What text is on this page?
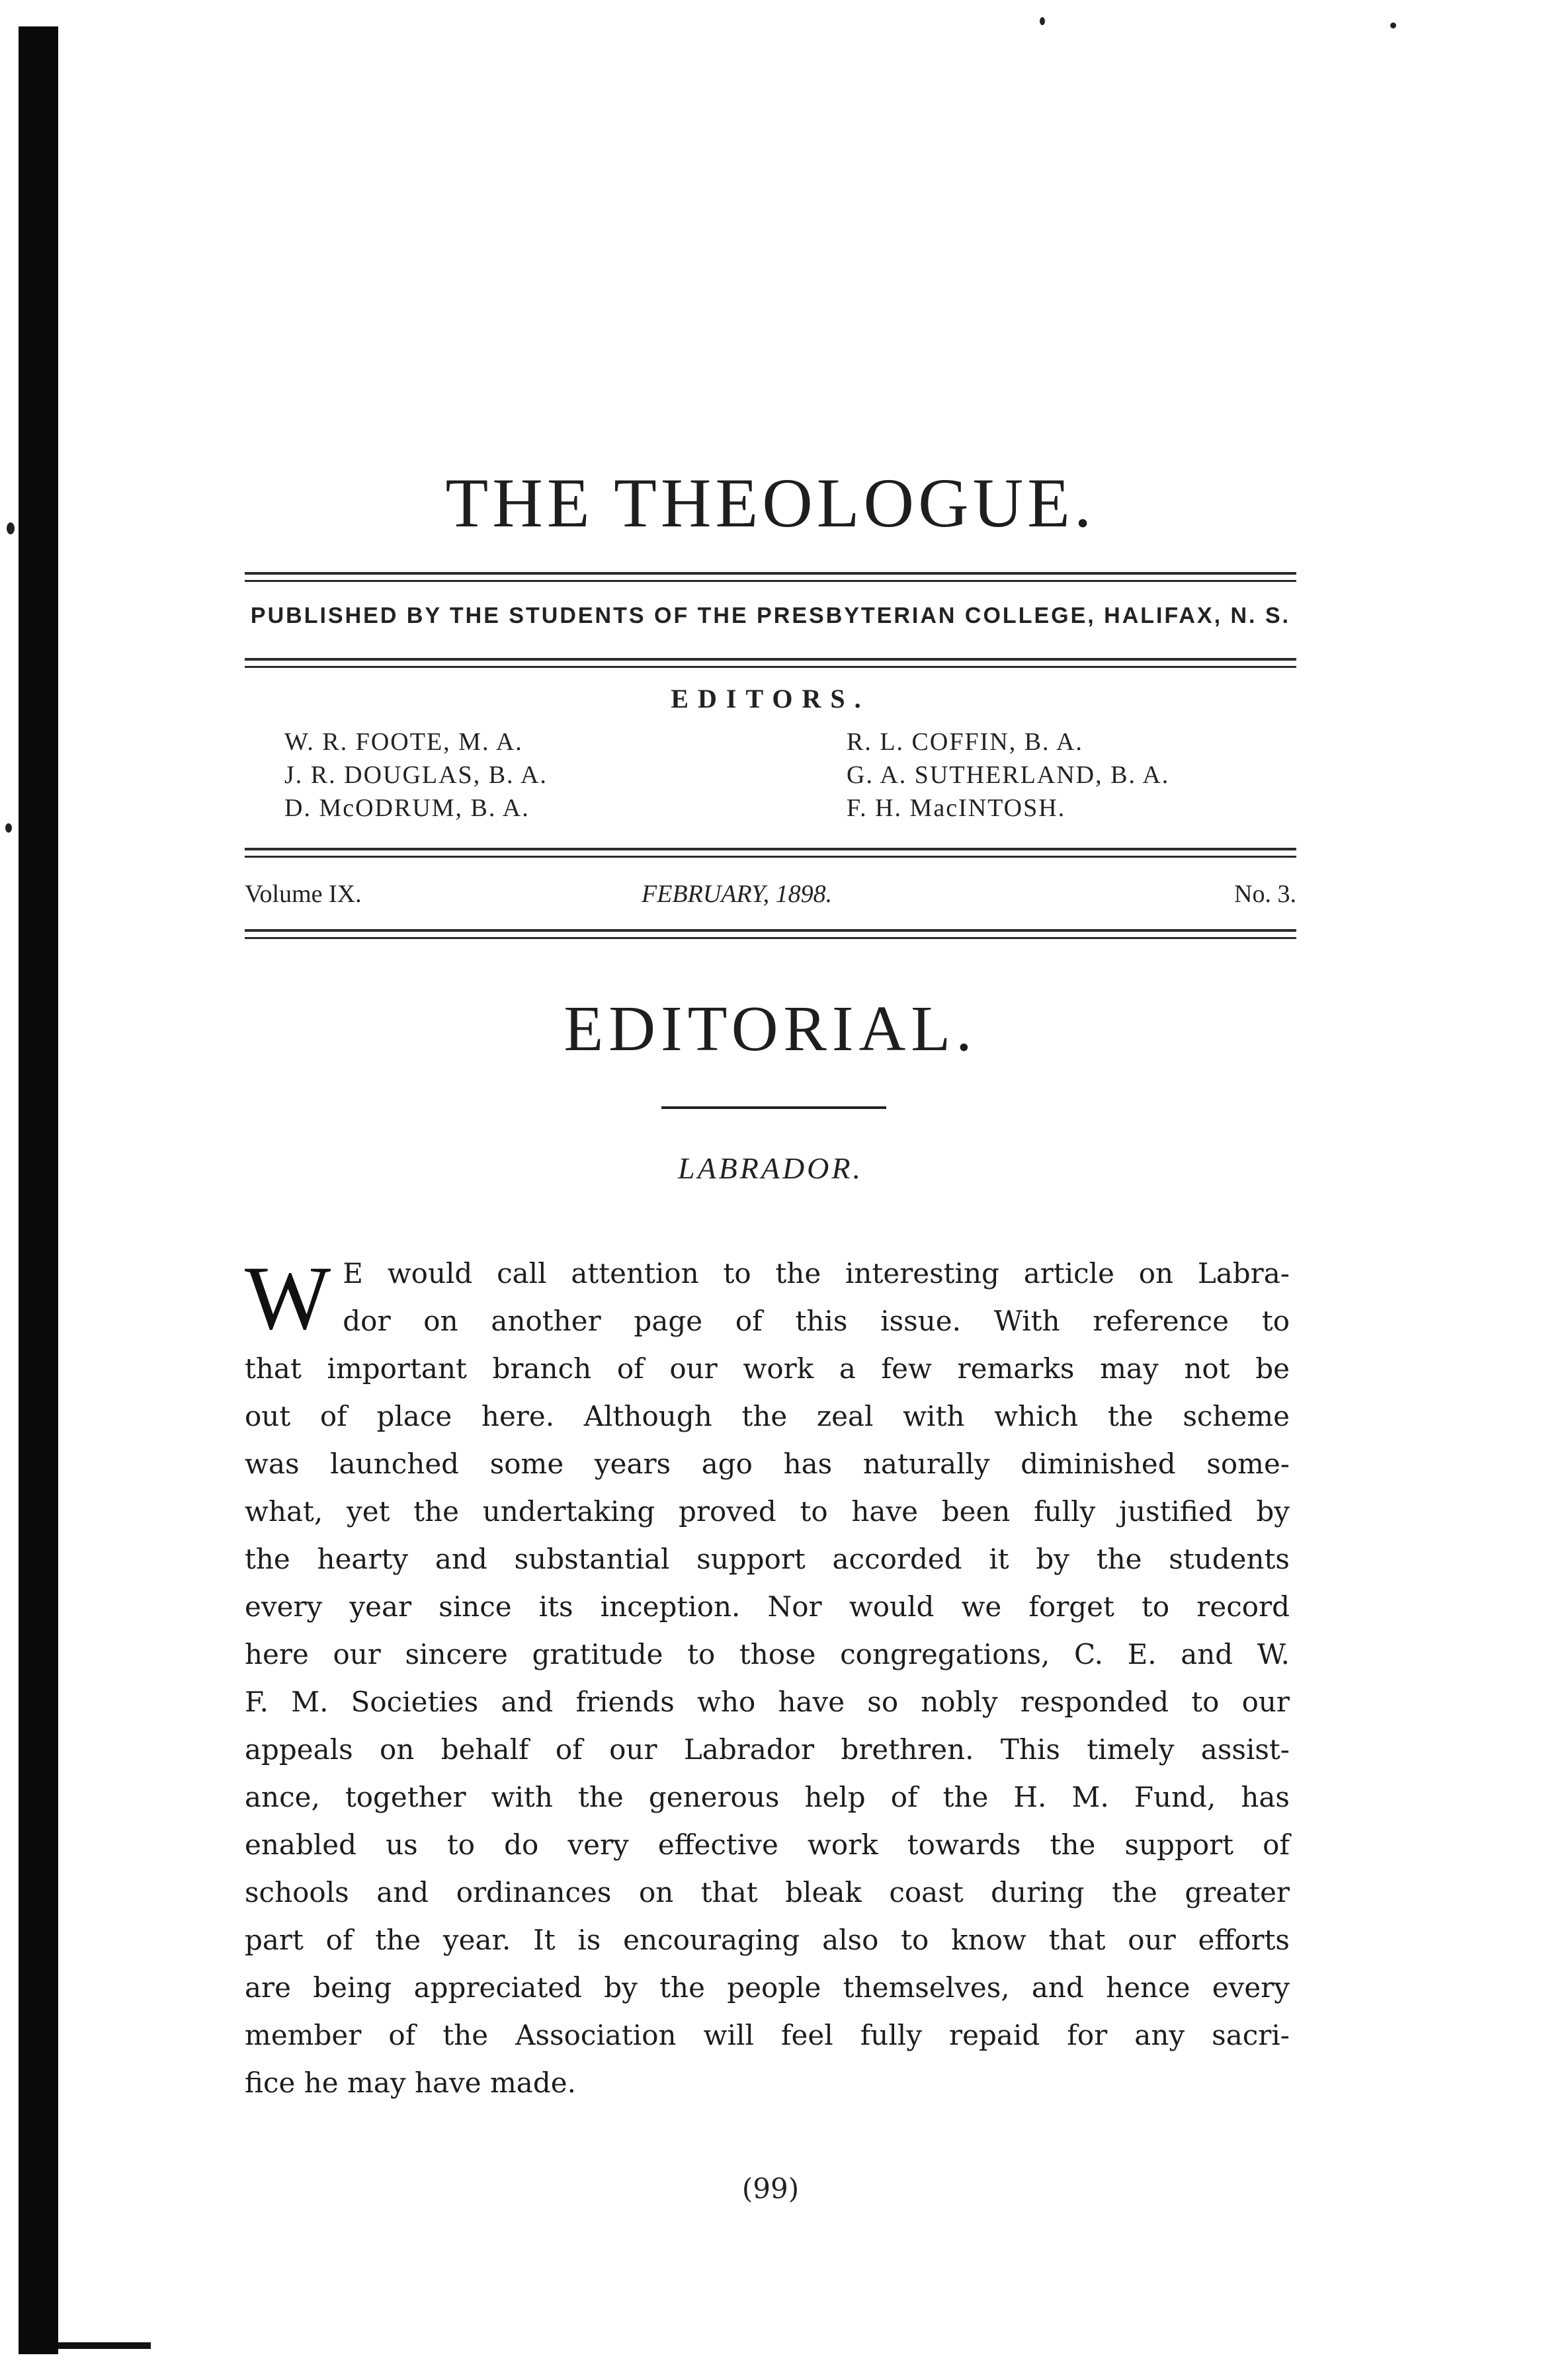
THE THEOLOGUE.
PUBLISHED BY THE STUDENTS OF THE PRESBYTERIAN COLLEGE, HALIFAX, N. S.
EDITORS.
W. R. FOOTE, M. A.
J. R. DOUGLAS, B. A.
D. McODRUM, B. A.
R. L. COFFIN, B. A.
G. A. SUTHERLAND, B. A.
F. H. MacINTOSH.
Volume IX.	FEBRUARY, 1898.	No. 3.
EDITORIAL.
LABRADOR.
W E would call attention to the interesting article on Labra-
dor on another page of this issue. With reference to
that important branch of our work a few remarks may not be
out of place here. Although the zeal with which the scheme
was launched some years ago has naturally diminished some-
what, yet the undertaking proved to have been fully justified by
the hearty and substantial support accorded it by the students
every year since its inception. Nor would we forget to record
here our sincere gratitude to those congregations, C. E. and W.
F. M. Societies and friends who have so nobly responded to our
appeals on behalf of our Labrador brethren. This timely assist-
ance, together with the generous help of the H. M. Fund, has
enabled us to do very effective work towards the support of
schools and ordinances on that bleak coast during the greater
part of the year. It is encouraging also to know that our efforts
are being appreciated by the people themselves, and hence every
member of the Association will feel fully repaid for any sacri-
fice he may have made.

(99)
